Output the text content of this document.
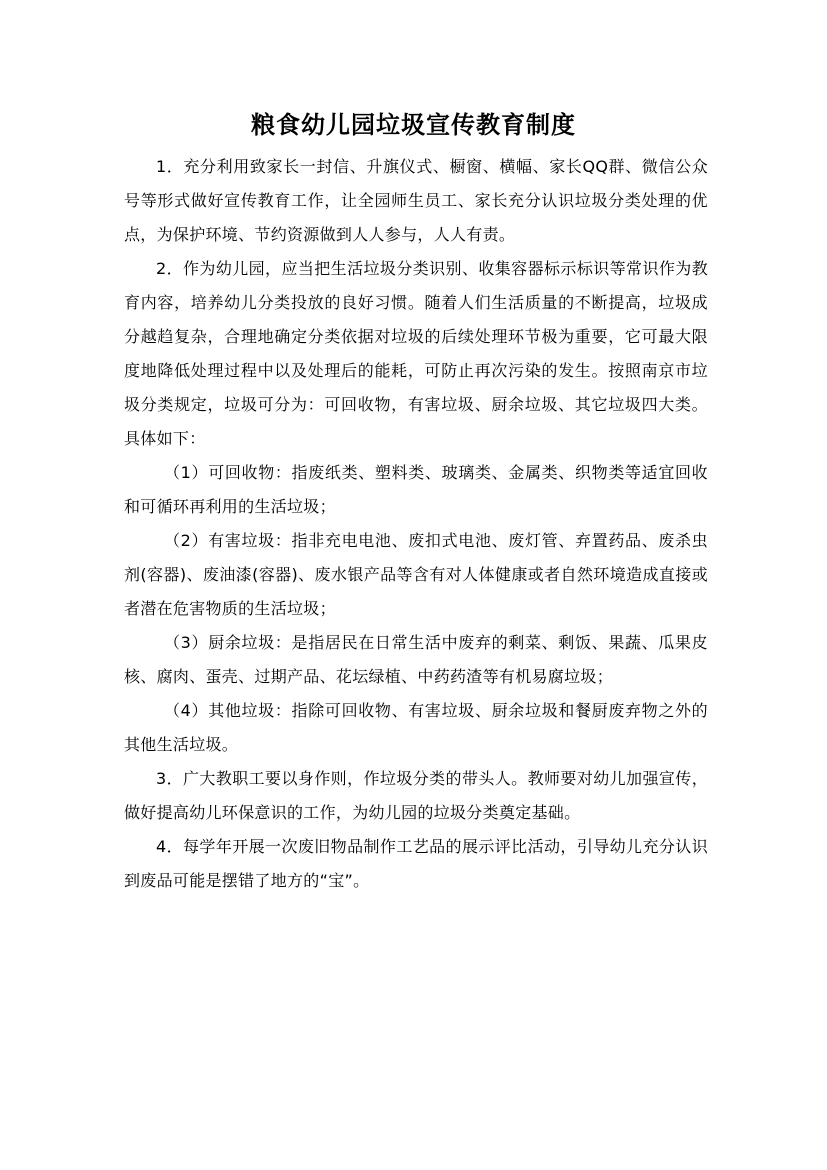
粮食幼儿园垃圾宣传教育制度

1．充分利用致家长一封信、升旗仪式、橱窗、横幅、家长QQ群、微信公众号等形式做好宣传教育工作，让全园师生员工、家长充分认识垃圾分类处理的优点，为保护环境、节约资源做到人人参与，人人有责。

2．作为幼儿园，应当把生活垃圾分类识别、收集容器标示标识等常识作为教育内容，培养幼儿分类投放的良好习惯。随着人们生活质量的不断提高，垃圾成分越趋复杂，合理地确定分类依据对垃圾的后续处理环节极为重要，它可最大限度地降低处理过程中以及处理后的能耗，可防止再次污染的发生。按照南京市垃圾分类规定，垃圾可分为：可回收物，有害垃圾、厨余垃圾、其它垃圾四大类。具体如下：

（1）可回收物：指废纸类、塑料类、玻璃类、金属类、织物类等适宜回收和可循环再利用的生活垃圾；

（2）有害垃圾：指非充电电池、废扣式电池、废灯管、弃置药品、废杀虫剂(容器)、废油漆(容器)、废水银产品等含有对人体健康或者自然环境造成直接或者潜在危害物质的生活垃圾；

（3）厨余垃圾：是指居民在日常生活中废弃的剩菜、剩饭、果蔬、瓜果皮核、腐肉、蛋壳、过期产品、花坛绿植、中药药渣等有机易腐垃圾；

（4）其他垃圾：指除可回收物、有害垃圾、厨余垃圾和餐厨废弃物之外的其他生活垃圾。

3．广大教职工要以身作则，作垃圾分类的带头人。教师要对幼儿加强宣传，做好提高幼儿环保意识的工作，为幼儿园的垃圾分类奠定基础。

4．每学年开展一次废旧物品制作工艺品的展示评比活动，引导幼儿充分认识到废品可能是摆错了地方的“宝”。
